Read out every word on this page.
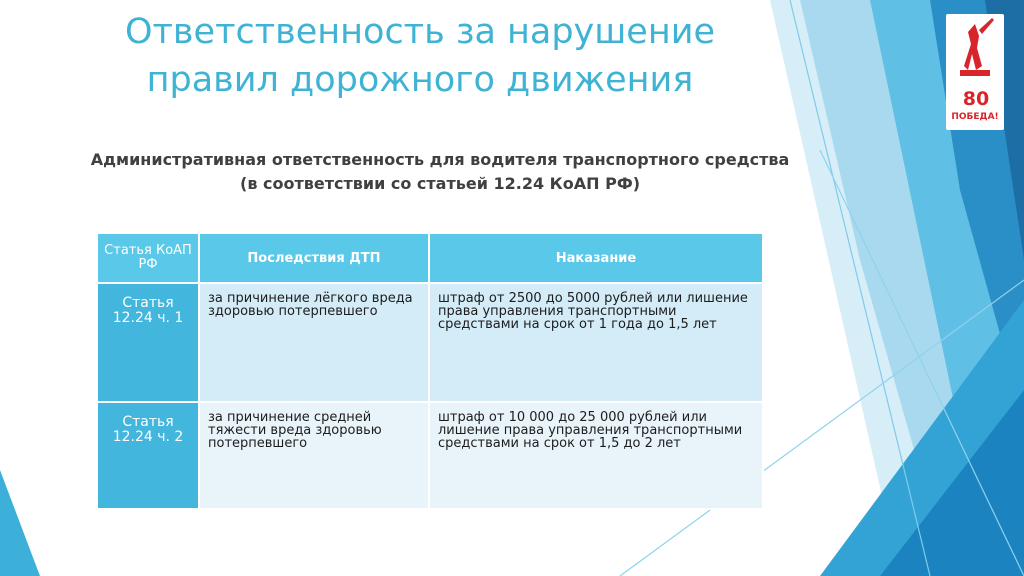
Ответственность за нарушение
правил дорожного движения
Административная ответственность для водителя транспортного средства
(в соответствии со статьей 12.24 КоАП РФ)
80
ПОБЕДА!
Статья КоАП РФ	Последствия ДТП	Наказание
Статья 12.24 ч. 1	за причинение лёгкого вреда здоровью потерпевшего	штраф от 2500 до 5000 рублей или лишение права управления транспортными средствами на срок от 1 года до 1,5 лет
Статья 12.24 ч. 2	за причинение средней тяжести вреда здоровью потерпевшего	штраф от 10 000 до 25 000 рублей или лишение права управления транспортными средствами на срок от 1,5 до 2 лет
